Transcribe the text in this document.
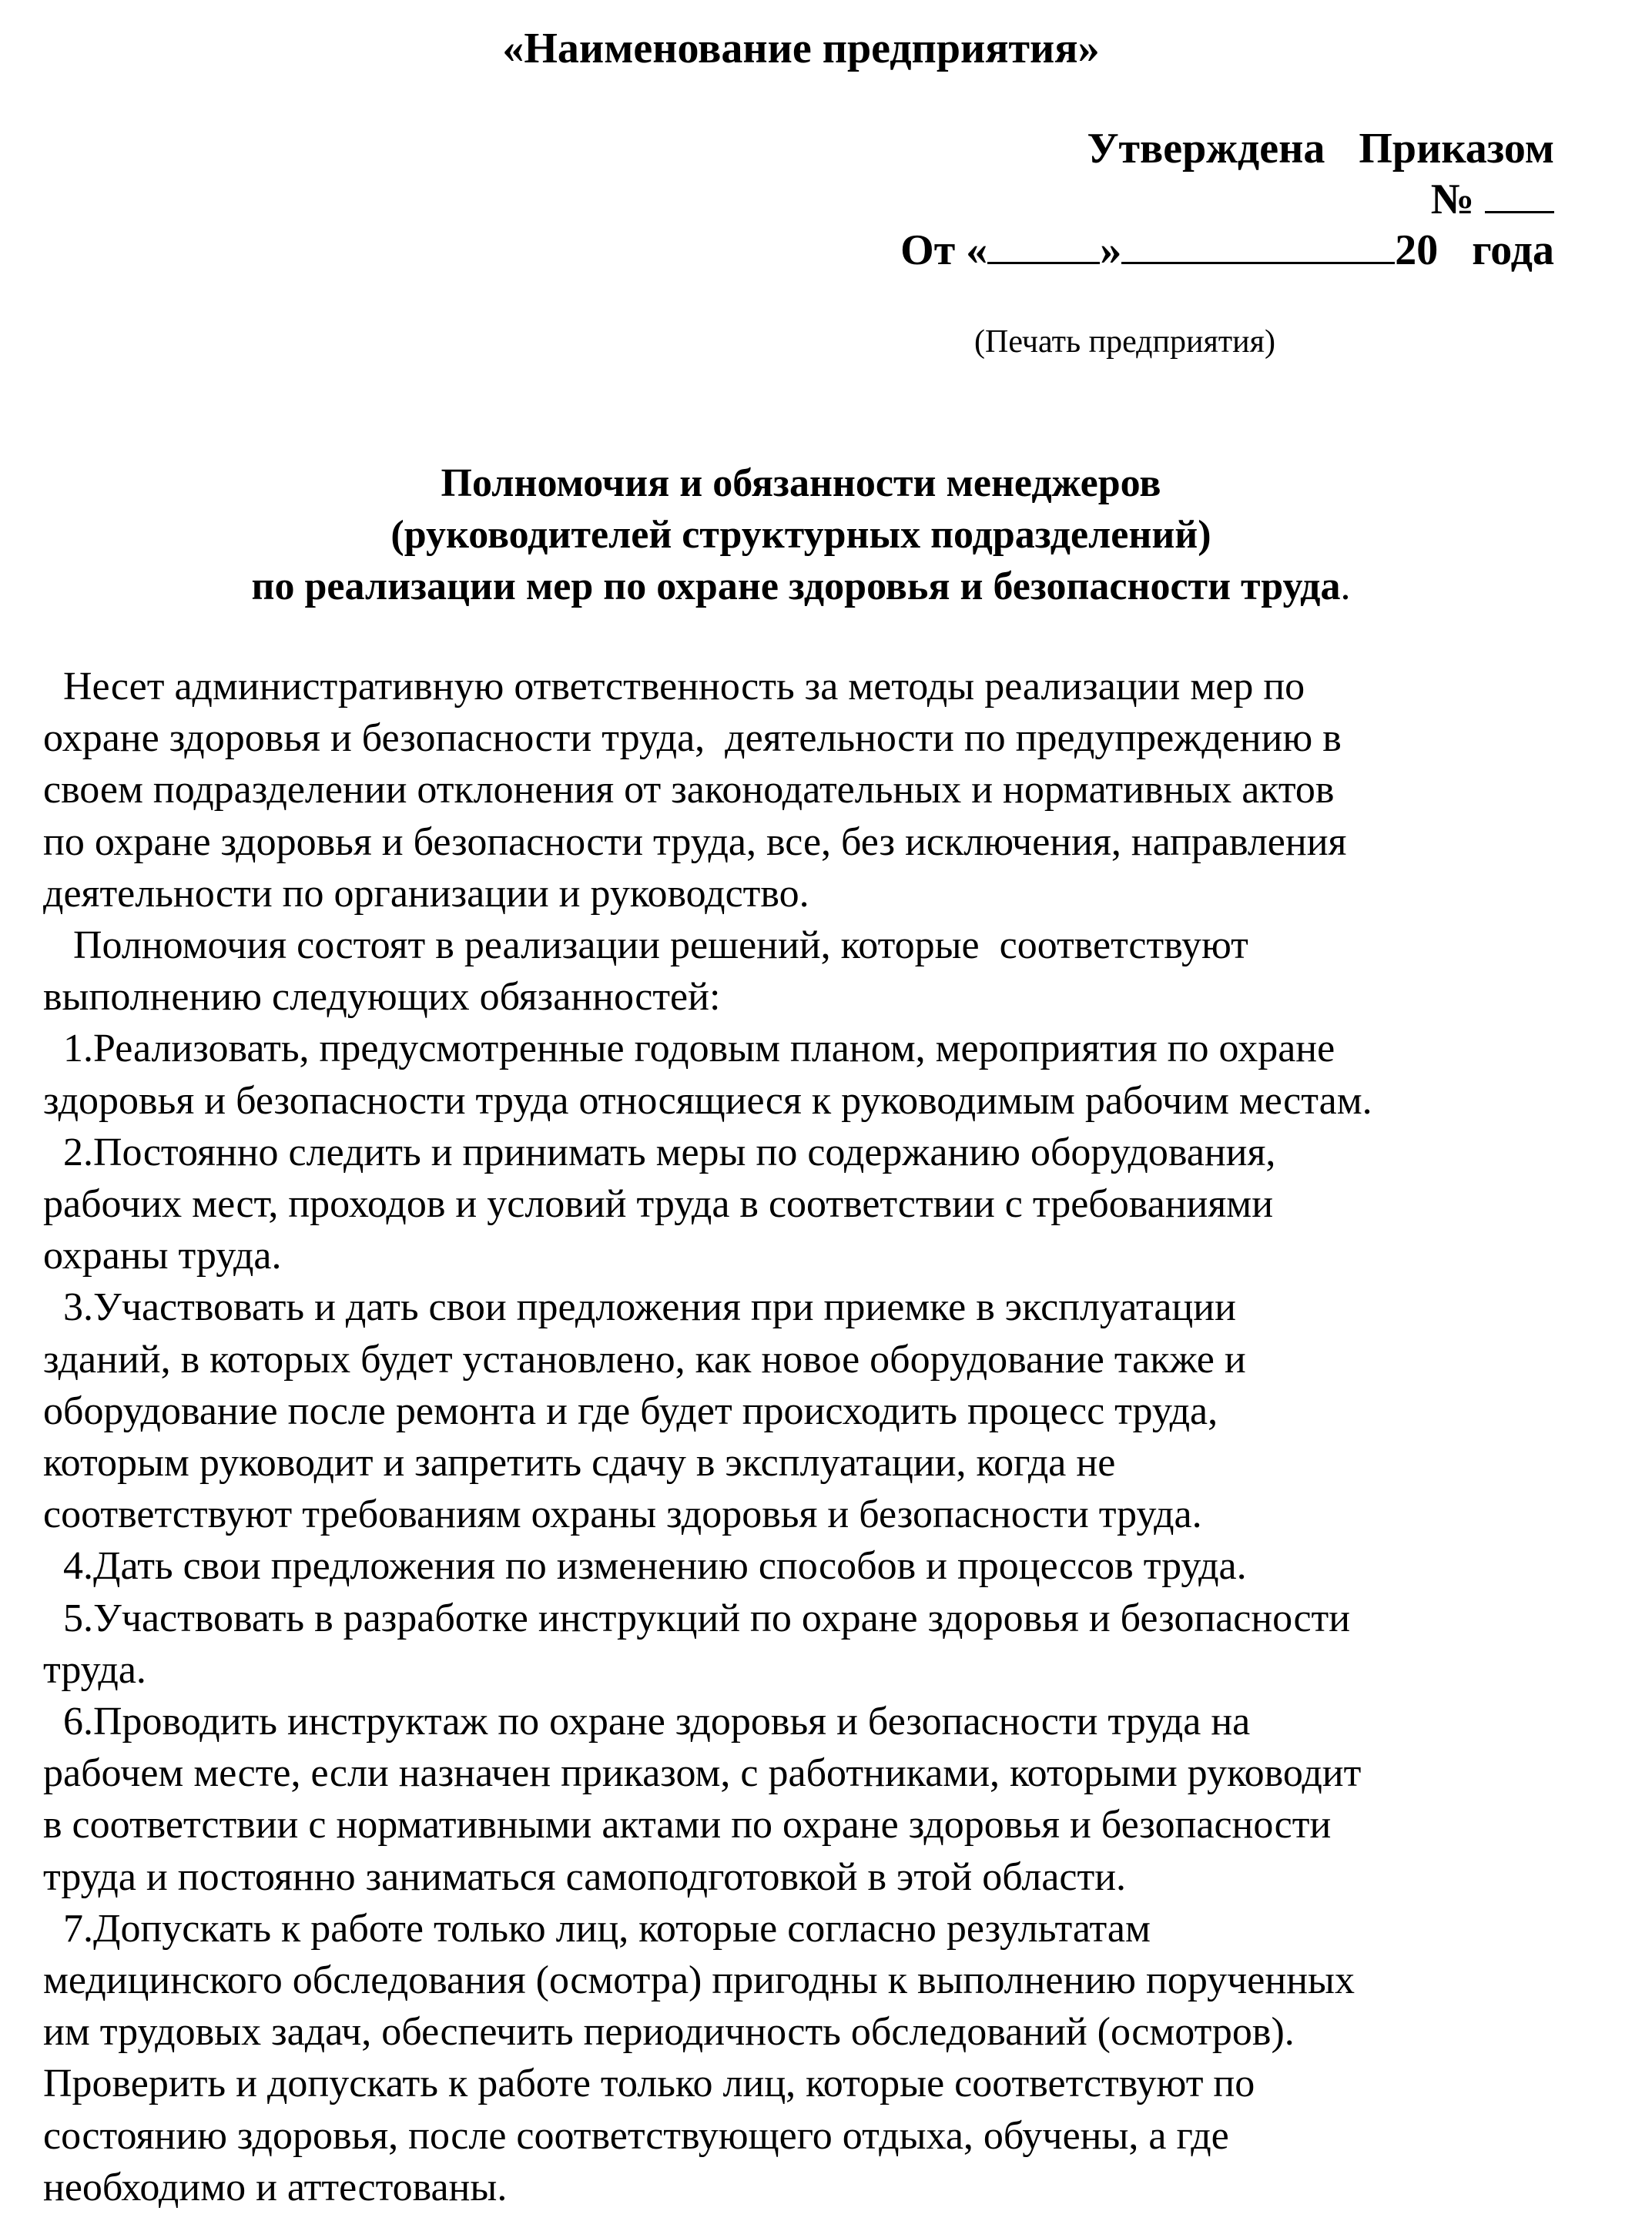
«Наименование предприятия»
Утверждена Приказом
№
От «	»	20 года
(Печать предприятия)
Полномочия и обязанности менеджеров
(руководителей структурных подразделений)
по реализации мер по охране здоровья и безопасности труда.
Несет административную ответственность за методы реализации мер по
охране здоровья и безопасности труда,  деятельности по предупреждению в
своем подразделении отклонения от законодательных и нормативных актов
по охране здоровья и безопасности труда, все, без исключения, направления
деятельности по организации и руководство.
Полномочия состоят в реализации решений, которые  соответствуют
выполнению следующих обязанностей:
1.Реализовать, предусмотренные годовым планом, мероприятия по охране
здоровья и безопасности труда относящиеся к руководимым рабочим местам.
2.Постоянно следить и принимать меры по содержанию оборудования,
рабочих мест, проходов и условий труда в соответствии с требованиями
охраны труда.
3.Участвовать и дать свои предложения при приемке в эксплуатации
зданий, в которых будет установлено, как новое оборудование также и
оборудование после ремонта и где будет происходить процесс труда,
которым руководит и запретить сдачу в эксплуатации, когда не
соответствуют требованиям охраны здоровья и безопасности труда.
4.Дать свои предложения по изменению способов и процессов труда.
5.Участвовать в разработке инструкций по охране здоровья и безопасности
труда.
6.Проводить инструктаж по охране здоровья и безопасности труда на
рабочем месте, если назначен приказом, с работниками, которыми руководит
в соответствии с нормативными актами по охране здоровья и безопасности
труда и постоянно заниматься самоподготовкой в этой области.
7.Допускать к работе только лиц, которые согласно результатам
медицинского обследования (осмотра) пригодны к выполнению порученных
им трудовых задач, обеспечить периодичность обследований (осмотров).
Проверить и допускать к работе только лиц, которые соответствуют по
состоянию здоровья, после соответствующего отдыха, обучены, а где
необходимо и аттестованы.
